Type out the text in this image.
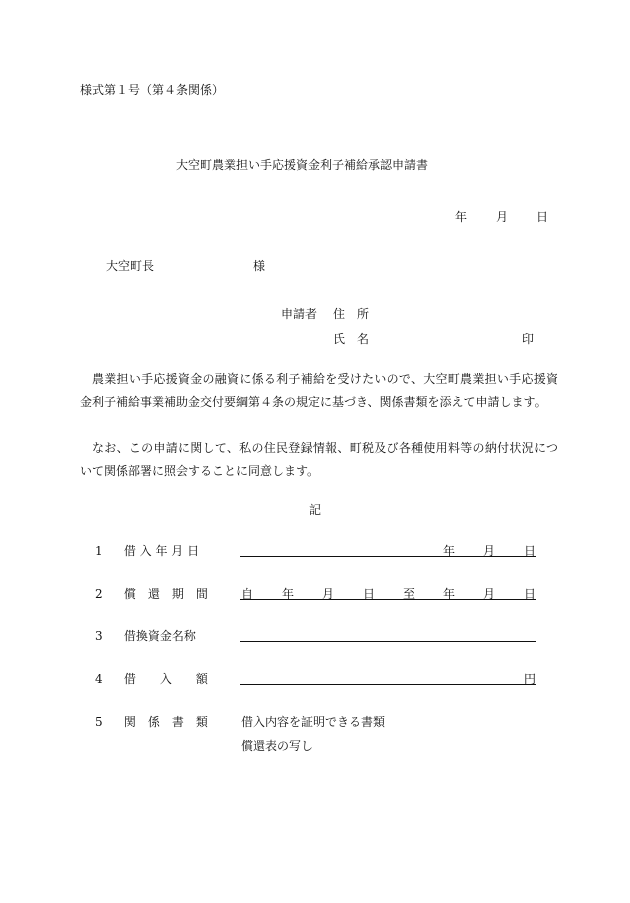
様式第１号（第４条関係）
大空町農業担い手応援資金利子補給承認申請書
年 月 日
大空町長	様
申請者 住　所
氏　名	印
農業担い手応援資金の融資に係る利子補給を受けたいので、大空町農業担い手応援資金利子補給事業補助金交付要綱第４条の規定に基づき、関係書類を添えて申請します。
なお、この申請に関して、私の住民登録情報、町税及び各種使用料等の納付状況について関係部署に照会することに同意します。
記
1 借 入 年 月 日	年 月 日
2 償　還　期　間	自 年 月 日 至 年 月 日
3 借換資金名称
4 借　　入　　額	円
5 関　係　書　類	借入内容を証明できる書類
償還表の写し
